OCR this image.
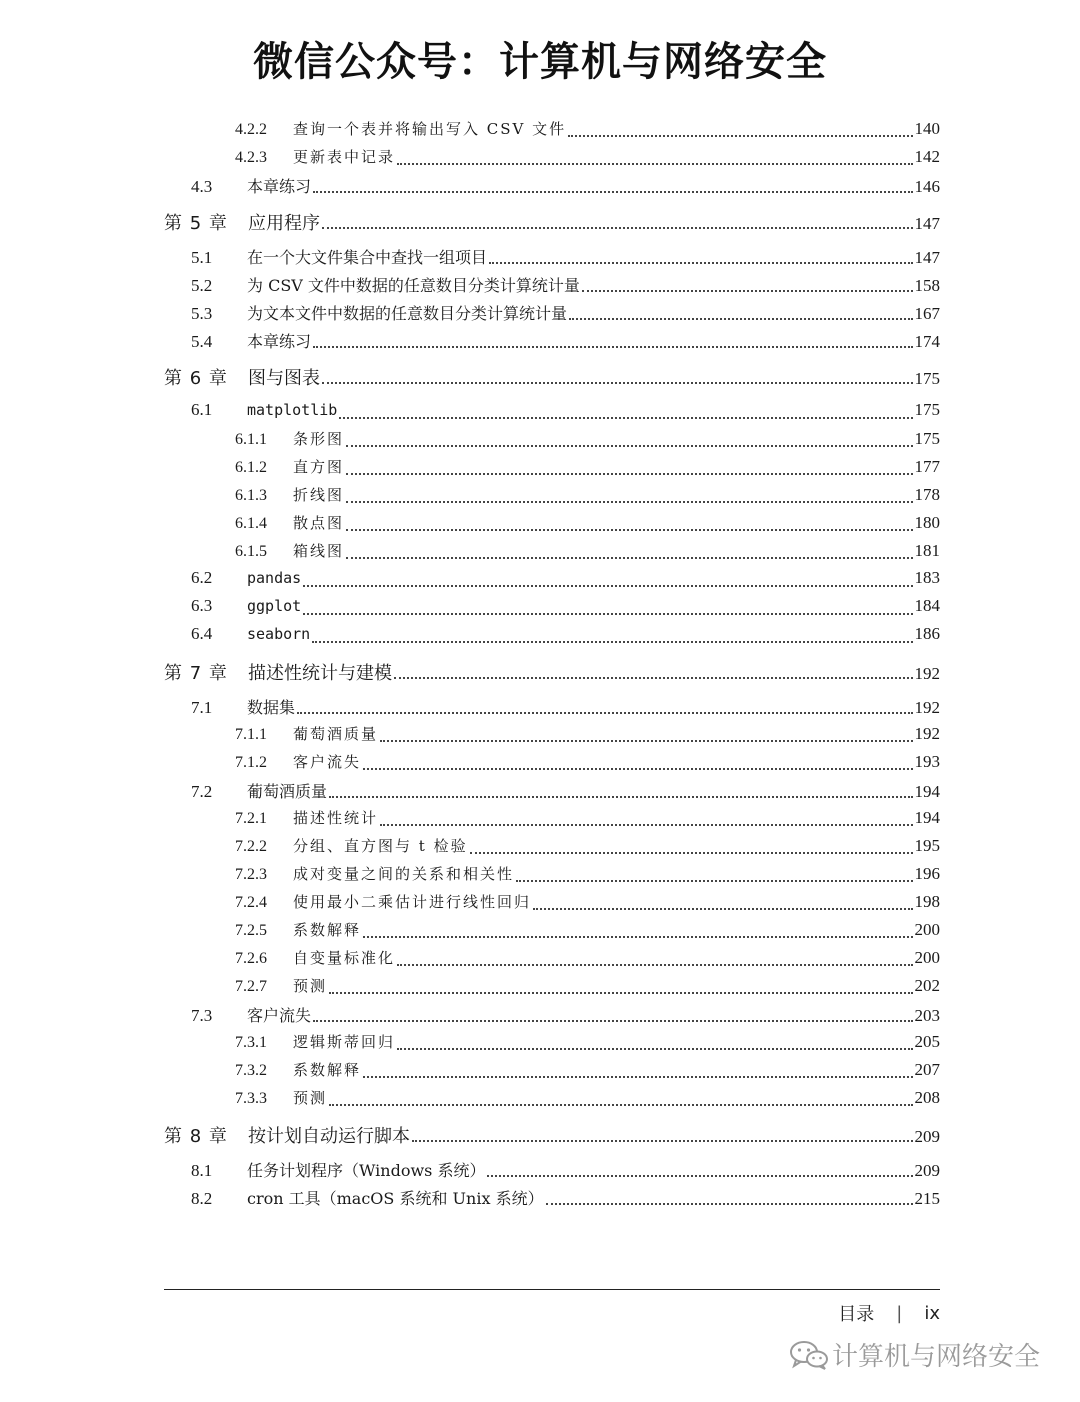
微信公众号：计算机与网络安全
4.2.2	查询一个表并将输出写入 CSV 文件	140
4.2.3	更新表中记录	142
4.3	本章练习	146
第 5 章	应用程序	147
5.1	在一个大文件集合中查找一组项目	147
5.2	为 CSV 文件中数据的任意数目分类计算统计量	158
5.3	为文本文件中数据的任意数目分类计算统计量	167
5.4	本章练习	174
第 6 章	图与图表	175
6.1	matplotlib	175
6.1.1	条形图	175
6.1.2	直方图	177
6.1.3	折线图	178
6.1.4	散点图	180
6.1.5	箱线图	181
6.2	pandas	183
6.3	ggplot	184
6.4	seaborn	186
第 7 章	描述性统计与建模	192
7.1	数据集	192
7.1.1	葡萄酒质量	192
7.1.2	客户流失	193
7.2	葡萄酒质量	194
7.2.1	描述性统计	194
7.2.2	分组、直方图与 t 检验	195
7.2.3	成对变量之间的关系和相关性	196
7.2.4	使用最小二乘估计进行线性回归	198
7.2.5	系数解释	200
7.2.6	自变量标准化	200
7.2.7	预测	202
7.3	客户流失	203
7.3.1	逻辑斯蒂回归	205
7.3.2	系数解释	207
7.3.3	预测	208
第 8 章	按计划自动运行脚本	209
8.1	任务计划程序（Windows 系统）	209
8.2	cron 工具（macOS 系统和 Unix 系统）	215
目录 | ix
计算机与网络安全
